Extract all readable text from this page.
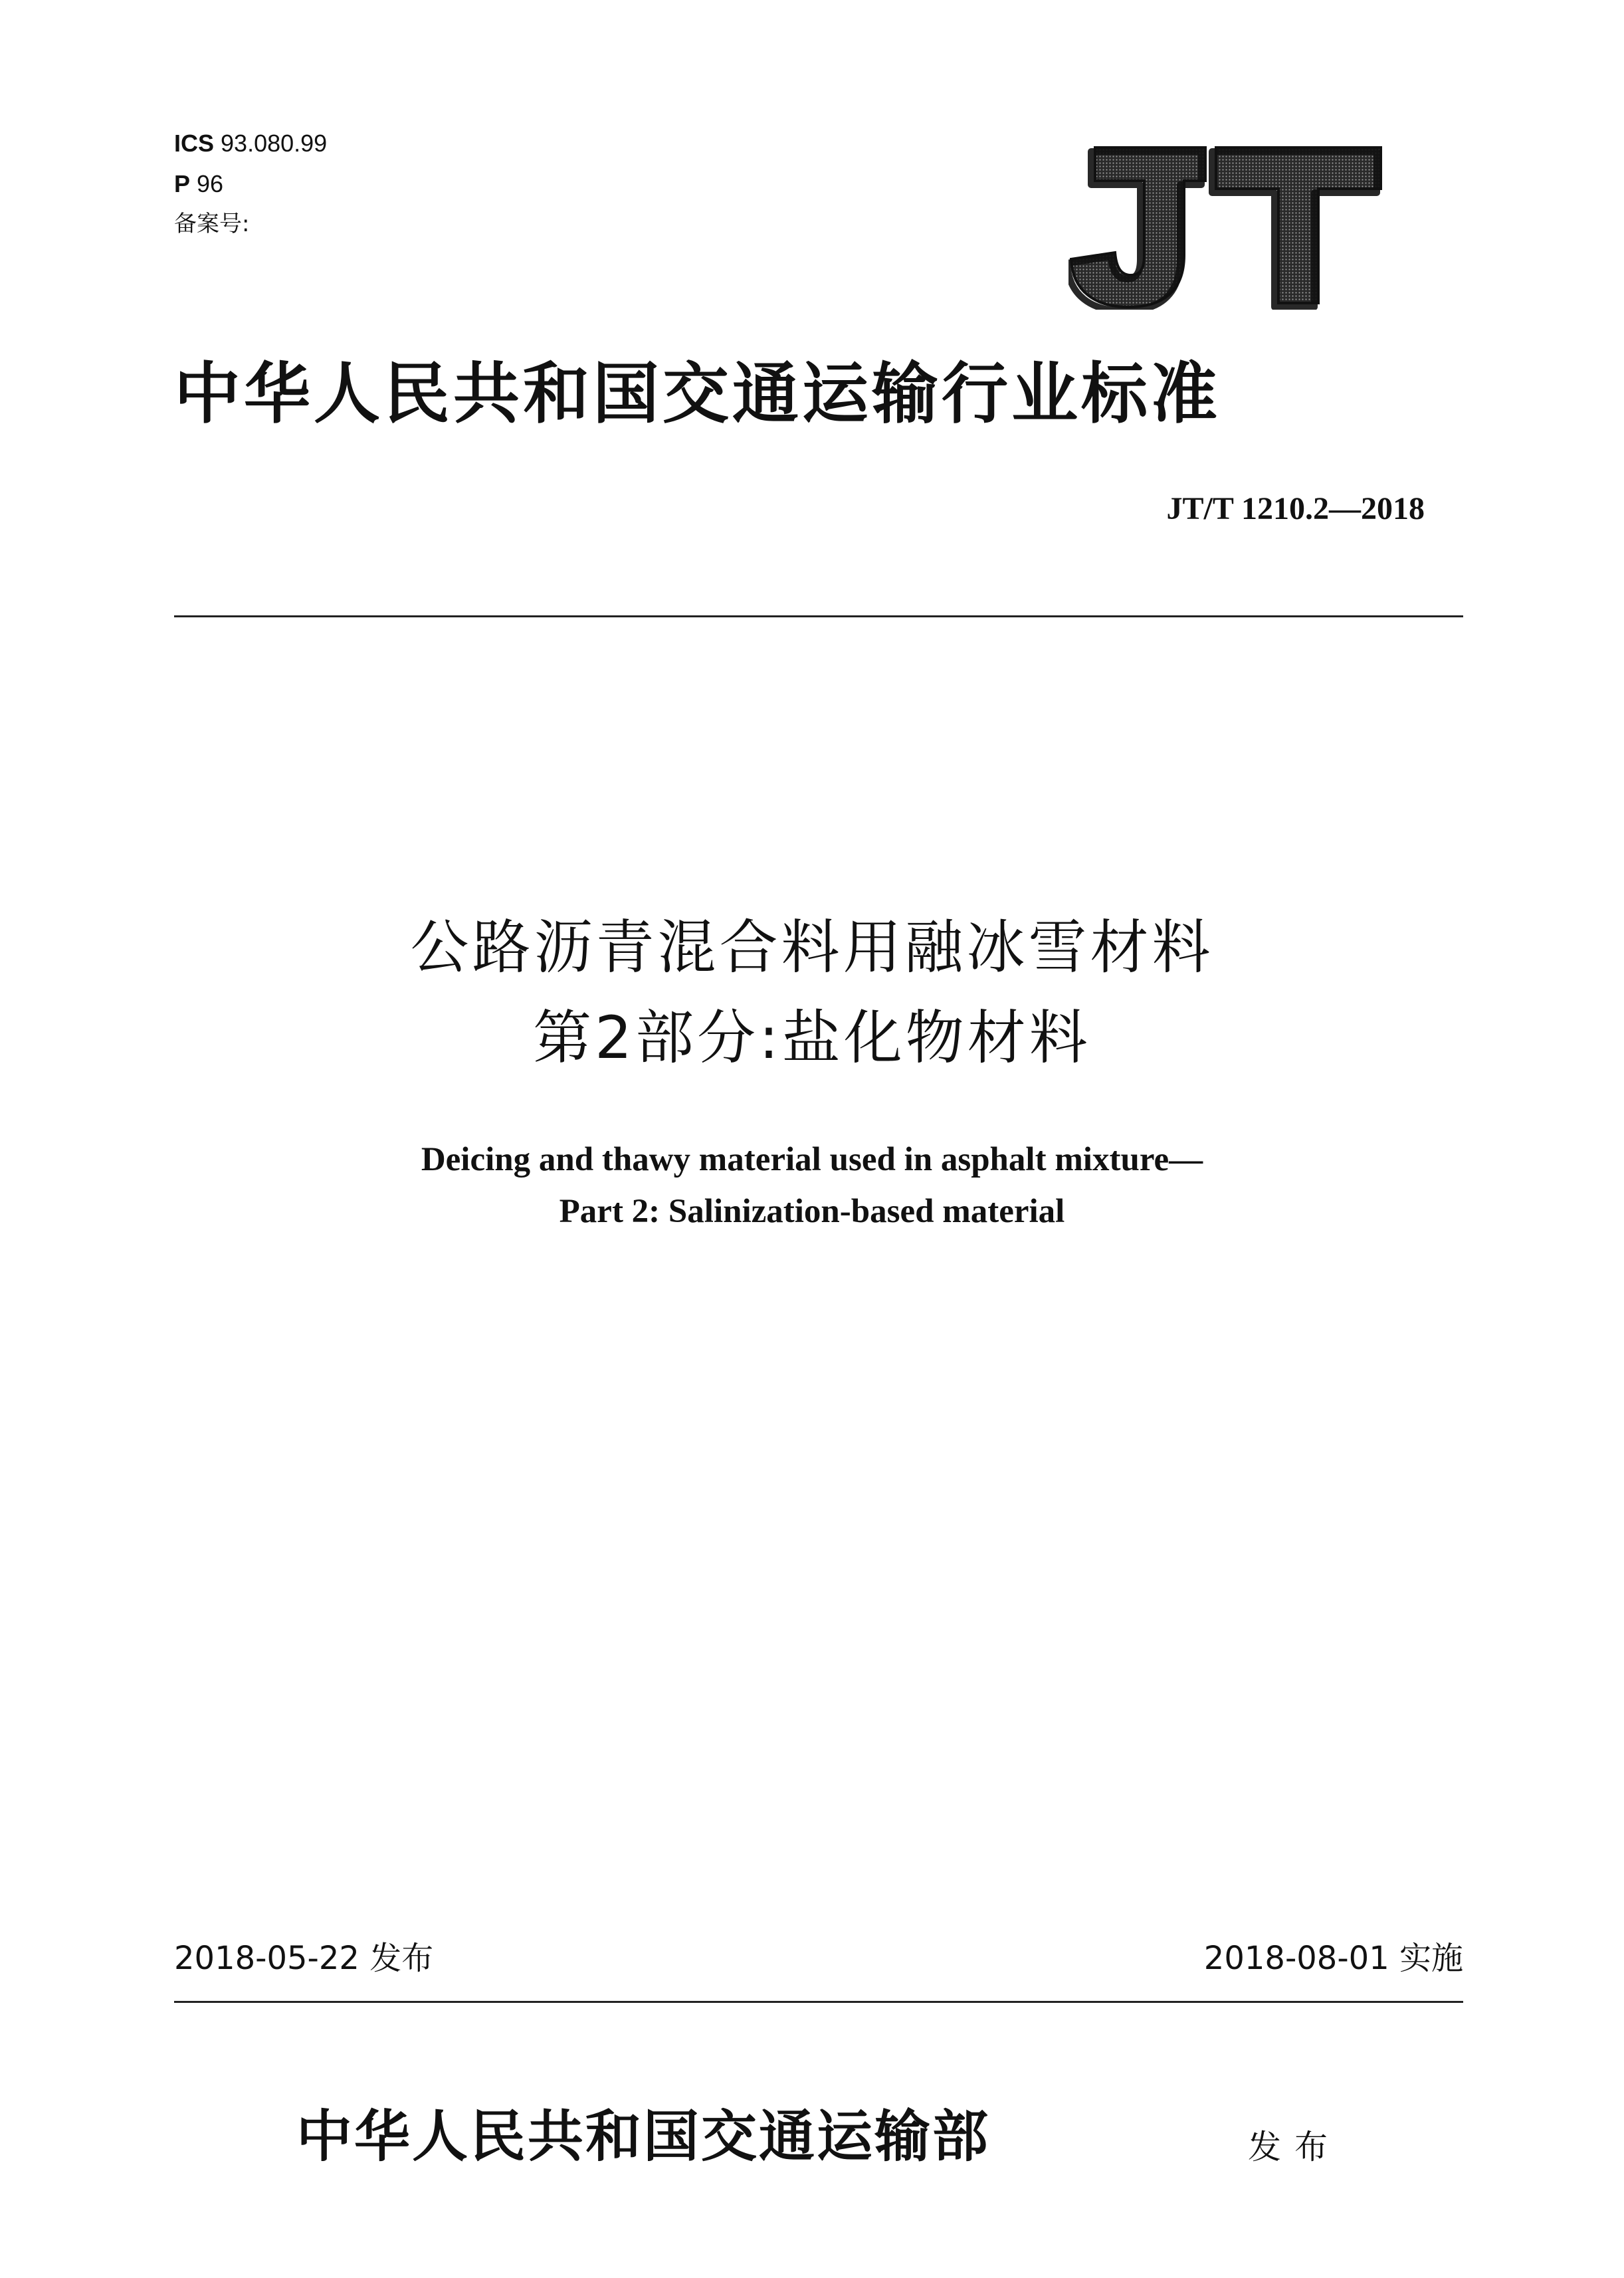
ICS 93.080.99
P 96
备案号:
中华人民共和国交通运输行业标准
JT/T 1210.2—2018
公路沥青混合料用融冰雪材料
第2部分:盐化物材料
Deicing and thawy material used in asphalt mixture—
Part 2: Salinization-based material
2018-05-22 发布	2018-08-01 实施
中华人民共和国交通运输部	发布
